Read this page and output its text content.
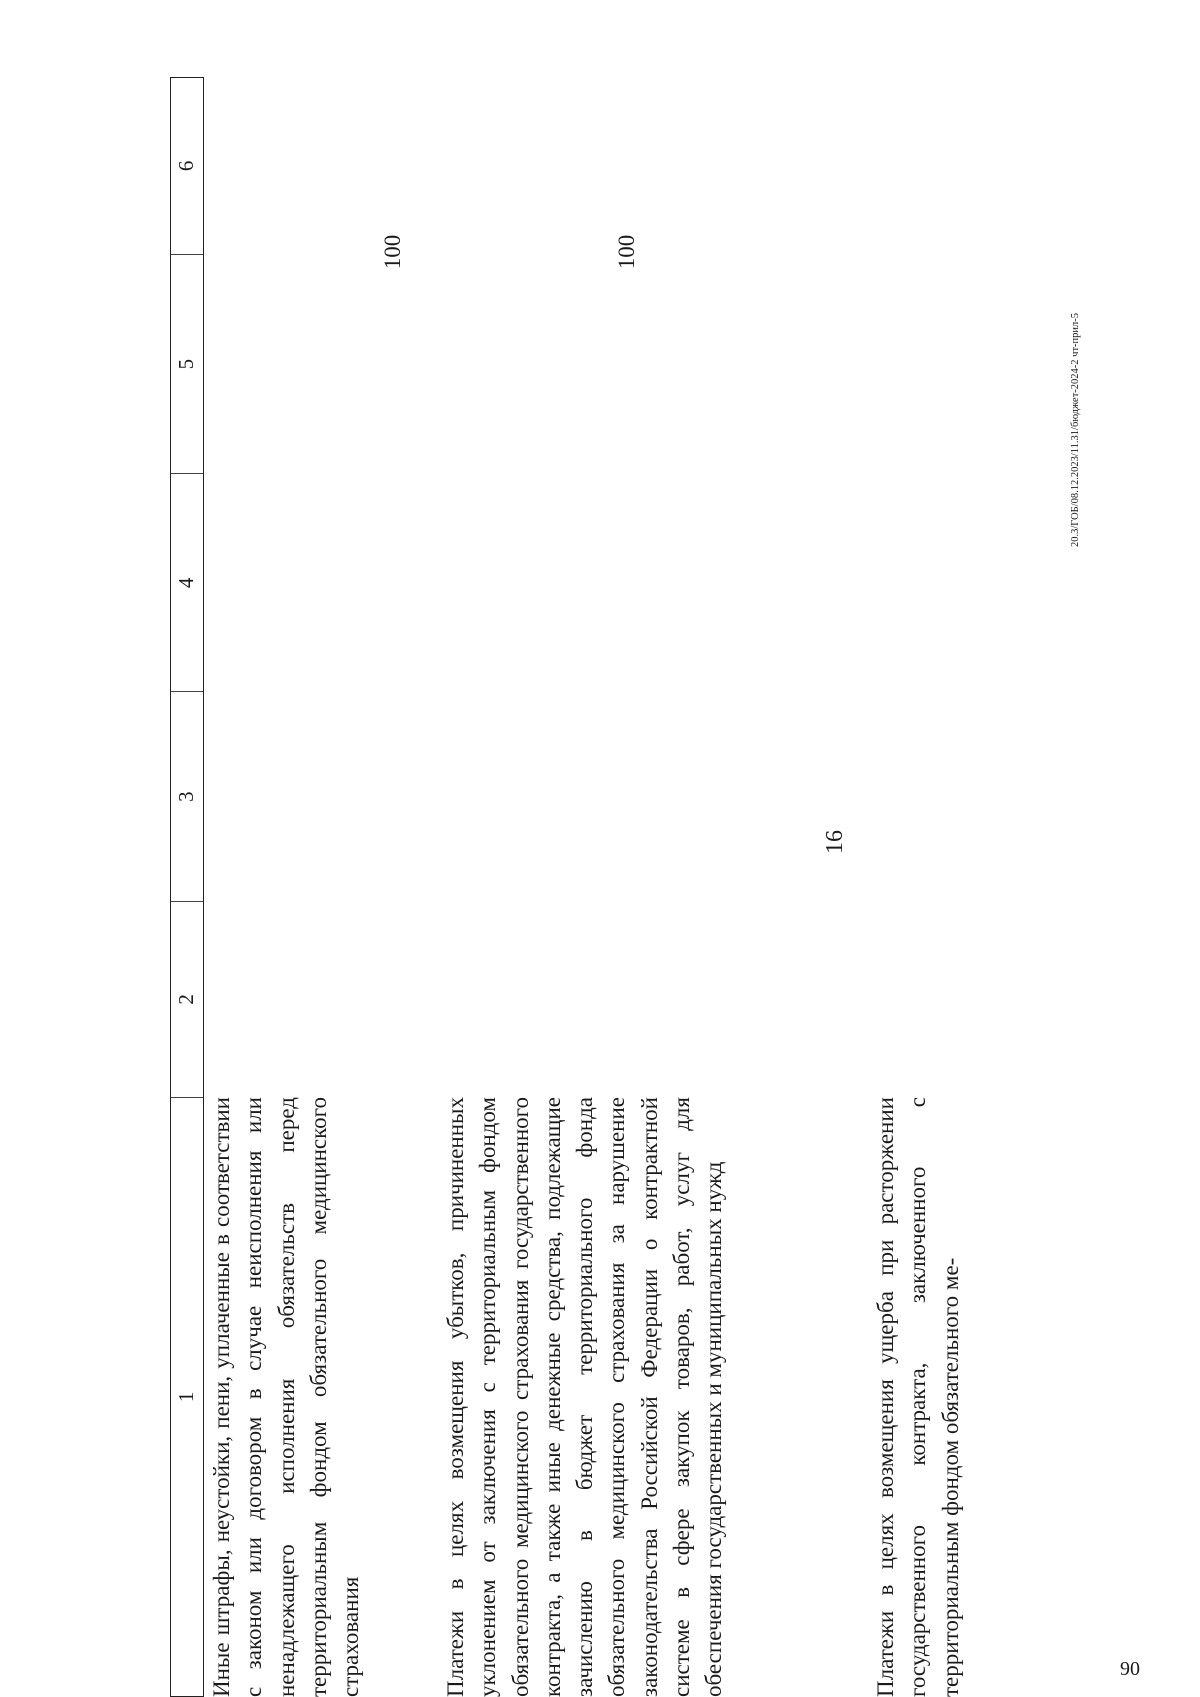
16
1
2
3
4
5
6
Иные штрафы, неустойки, пени, уплаченные в соответствии с законом или договором в случае неисполнения или ненадлежащего исполнения обязательств перед территориальным фондом обязательного медицинского страхования
100
Платежи в целях возмещения убытков, причиненных уклонением от заключения с территориальным фондом обязательного медицинского страхования государственного контракта, а также иные денежные средства, подлежащие зачислению в бюджет территориального фонда обязательного медицинского страхования за нарушение законодательства Российской Федерации о контрактной системе в сфере закупок товаров, работ, услуг для обеспечения государственных и муниципальных нужд
100
Платежи в целях возмещения ущерба при расторжении государственного контракта, заключенного с территориальным фондом обязательного ме-
20.3/ГОБ/08.12.2023/11.31/бюджет-2024-2 чт-прил-5
90
